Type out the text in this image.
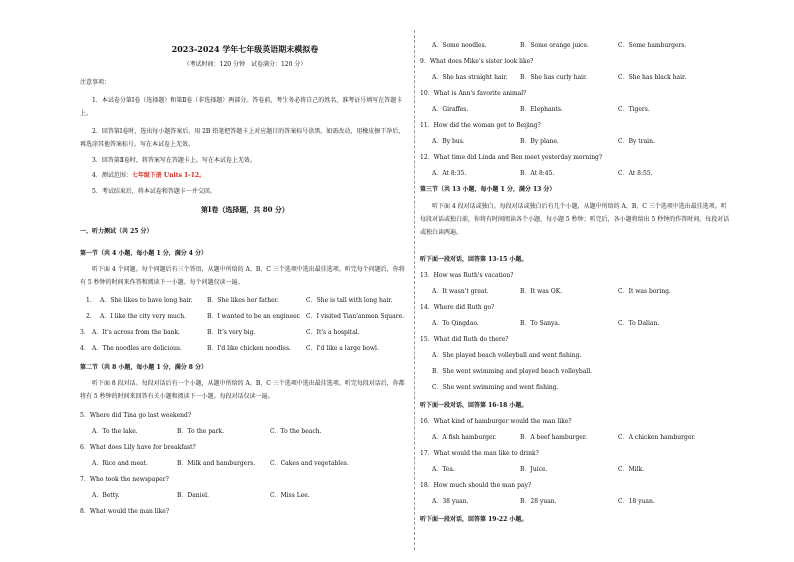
2023-2024 学年七年级英语期末模拟卷
（考试时间：120 分钟　试卷满分：120 分）
注意事项：
1．本试卷分第Ⅰ卷（选择题）和第Ⅱ卷（非选择题）两部分。答卷前，考生务必将自己的姓名、准考证号填写在答题卡上。
2．回答第Ⅰ卷时，选出每小题答案后，用 2B 铅笔把答题卡上对应题目的答案标号涂黑。如需改动，用橡皮擦干净后，再选涂其他答案标号。写在本试卷上无效。
3．回答第Ⅱ卷时，将答案写在答题卡上。写在本试卷上无效。
4．测试范围：七年级下册 Units 1-12。
5．考试结束后，将本试卷和答题卡一并交回。
第Ⅰ卷（选择题，共 80 分）
一、听力测试（共 25 分）
第一节（共 4 小题，每小题 1 分，满分 4 分）
听下面 4 个问题。每个问题后有三个答语，从题中所给的 A、B、C 三个选项中选出最佳选项。听完每个问题后，你将有 5 秒钟的时间来作答和阅读下一小题。每个问题仅读一遍。
1. A．She likes to have long hair. B．She likes her father.	C．She is tall with long hair.
2. A．I like the city very much.	B．I wanted to be an engineer. C．I visited Tian'anmen Square.
3. A．It's across from the bank.	B．It's very big.	C．It's a hospital.
4. A．The noodles are delicious.	B．I'd like chicken noodles.	C．I'd like a large bowl.
第二节（共 8 小题，每小题 1 分，满分 8 分）
听下面 8 段对话。每段对话后有一个小题，从题中所给的 A、B、C 三个选项中选出最佳选项。听完每段对话后，你都将有 5 秒钟的时间来回答有关小题和阅读下一小题。每段对话仅读一遍。
5．Where did Tina go last weekend?
A．To the lake.	B．To the park.	C．To the beach.
6．What does Lily have for breakfast?
A．Rice and meat.	B．Milk and hamburgers. C．Cakes and vegetables.
7．Who took the newspaper?
A．Betty.	B．Daniel.	C．Miss Lee.
8．What would the man like?
A．Some noodles.	B．Some orange juice.	C．Some hamburgers.
9．What does Mike's sister look like?
A．She has straight hair. B．She has curly hair.	C．She has black hair.
10．What is Ann's favorite animal?
A．Giraffes.	B．Elephants.	C．Tigers.
11．How did the woman get to Beijing?
A．By bus.	B．By plane.	C．By train.
12．What time did Linda and Ben meet yesterday morning?
A．At 8:35.	B．At 8:45.	C．At 8:55.
第三节（共 13 小题，每小题 1 分，满分 13 分）
听下面 4 段对话或独白。每段对话或独白后有几个小题，从题中所给的 A、B、C 三个选项中选出最佳选项。听每段对话或独白前，你将有时间阅读各个小题，每小题 5 秒钟；听完后，各小题将给出 5 秒钟的作答时间。每段对话或独白读两遍。
听下面一段对话，回答第 13-15 小题。
13．How was Ruth's vacation?
A．It wasn't great.	B．It was OK.	C．It was boring.
14．Where did Ruth go?
A．To Qingdao.	B．To Sanya.	C．To Dalian.
15．What did Ruth do there?
A．She played beach volleyball and went fishing.
B．She went swimming and played beach volleyball.
C．She went swimming and went fishing.
听下面一段对话，回答第 16-18 小题。
16．What kind of hamburger would the man like?
A．A fish hamburger.	B．A beef hamburger.	C．A chicken hamburger.
17．What would the man like to drink?
A．Tea.	B．Juice.	C．Milk.
18．How much should the man pay?
A．38 yuan.	B．28 yuan.	C．18 yuan.
听下面一段对话，回答第 19-22 小题。
